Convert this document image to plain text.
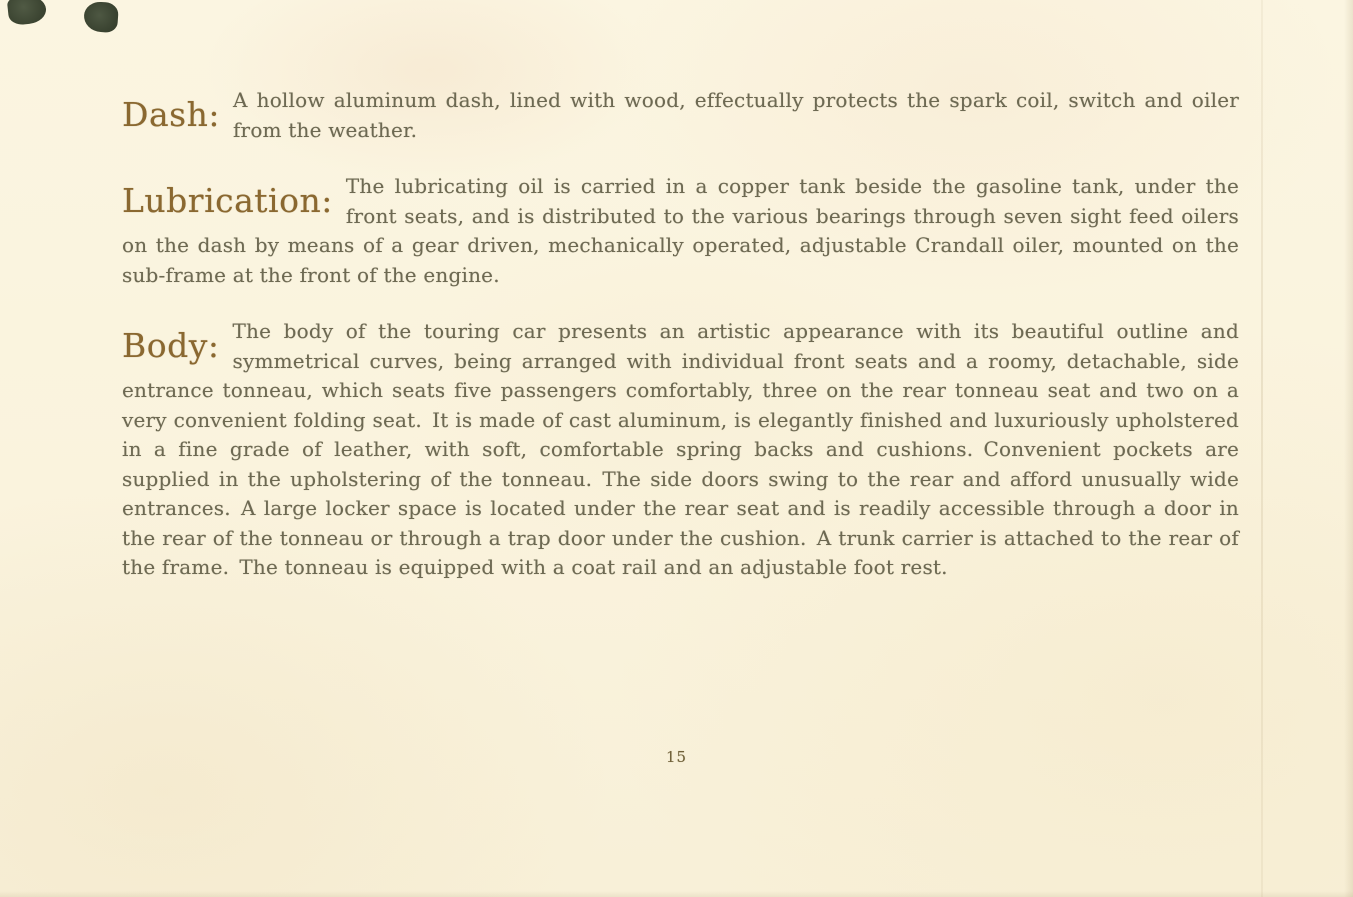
Dash: A hollow aluminum dash, lined with wood, effectually protects the spark coil, switch and oiler from the weather.

Lubrication: The lubricating oil is carried in a copper tank beside the gasoline tank, under the front seats, and is distributed to the various bearings through seven sight feed oilers on the dash by means of a gear driven, mechanically operated, adjustable Crandall oiler, mounted on the sub-frame at the front of the engine.

Body: The body of the touring car presents an artistic appearance with its beautiful outline and symmetrical curves, being arranged with individual front seats and a roomy, detachable, side entrance tonneau, which seats five passengers comfortably, three on the rear tonneau seat and two on a very convenient folding seat. It is made of cast aluminum, is elegantly finished and luxuriously upholstered in a fine grade of leather, with soft, comfortable spring backs and cushions. Convenient pockets are supplied in the upholstering of the tonneau. The side doors swing to the rear and afford unusually wide entrances. A large locker space is located under the rear seat and is readily accessible through a door in the rear of the tonneau or through a trap door under the cushion. A trunk carrier is attached to the rear of the frame. The tonneau is equipped with a coat rail and an adjustable foot rest.

15
